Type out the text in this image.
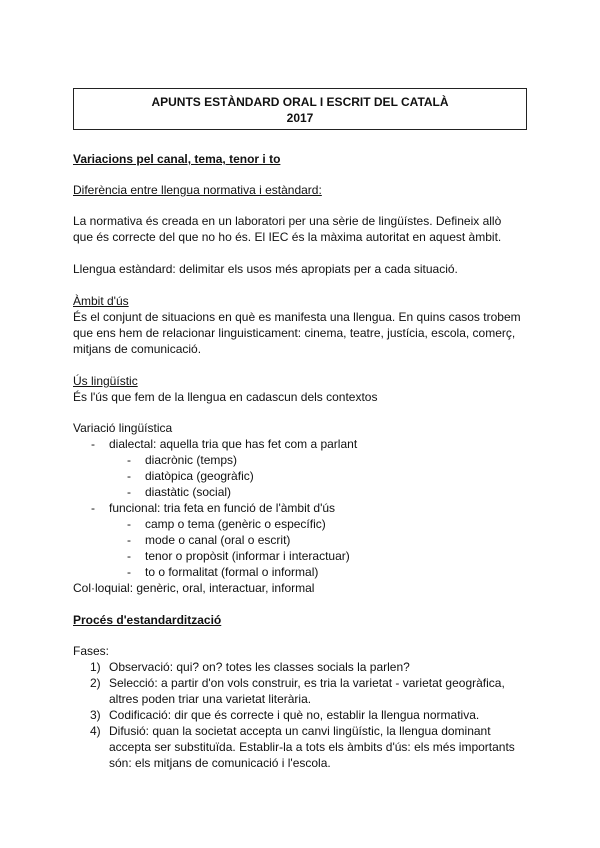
APUNTS ESTÀNDARD ORAL I ESCRIT DEL CATALÀ
2017
Variacions pel canal, tema, tenor i to
Diferència entre llengua normativa i estàndard:
La normativa és creada en un laboratori per una sèrie de lingüístes. Defineix allò
que és correcte del que no ho és. El IEC és la màxima autoritat en aquest àmbit.
Llengua estàndard: delimitar els usos més apropiats per a cada situació.
Àmbit d'ús
És el conjunt de situacions en què es manifesta una llengua. En quins casos trobem
que ens hem de relacionar linguisticament: cinema, teatre, justícia, escola, comerç,
mitjans de comunicació.
Ús lingüístic
És l'ús que fem de la llengua en cadascun dels contextos
Variació lingüística
- dialectal: aquella tria que has fet com a parlant
- diacrònic (temps)
- diatòpica (geogràfic)
- diastàtic (social)
- funcional: tria feta en funció de l'àmbit d'ús
- camp o tema (genèric o específic)
- mode o canal (oral o escrit)
- tenor o propòsit (informar i interactuar)
- to o formalitat (formal o informal)
Col·loquial: genèric, oral, interactuar, informal
Procés d'estandardització
Fases:
1) Observació: qui? on? totes les classes socials la parlen?
2) Selecció: a partir d'on vols construir, es tria la varietat - varietat geogràfica,
altres poden triar una varietat literària.
3) Codificació: dir que és correcte i què no, establir la llengua normativa.
4) Difusió: quan la societat accepta un canvi lingüístic, la llengua dominant
accepta ser substituïda. Establir-la a tots els àmbits d'ús: els més importants
són: els mitjans de comunicació i l'escola.
